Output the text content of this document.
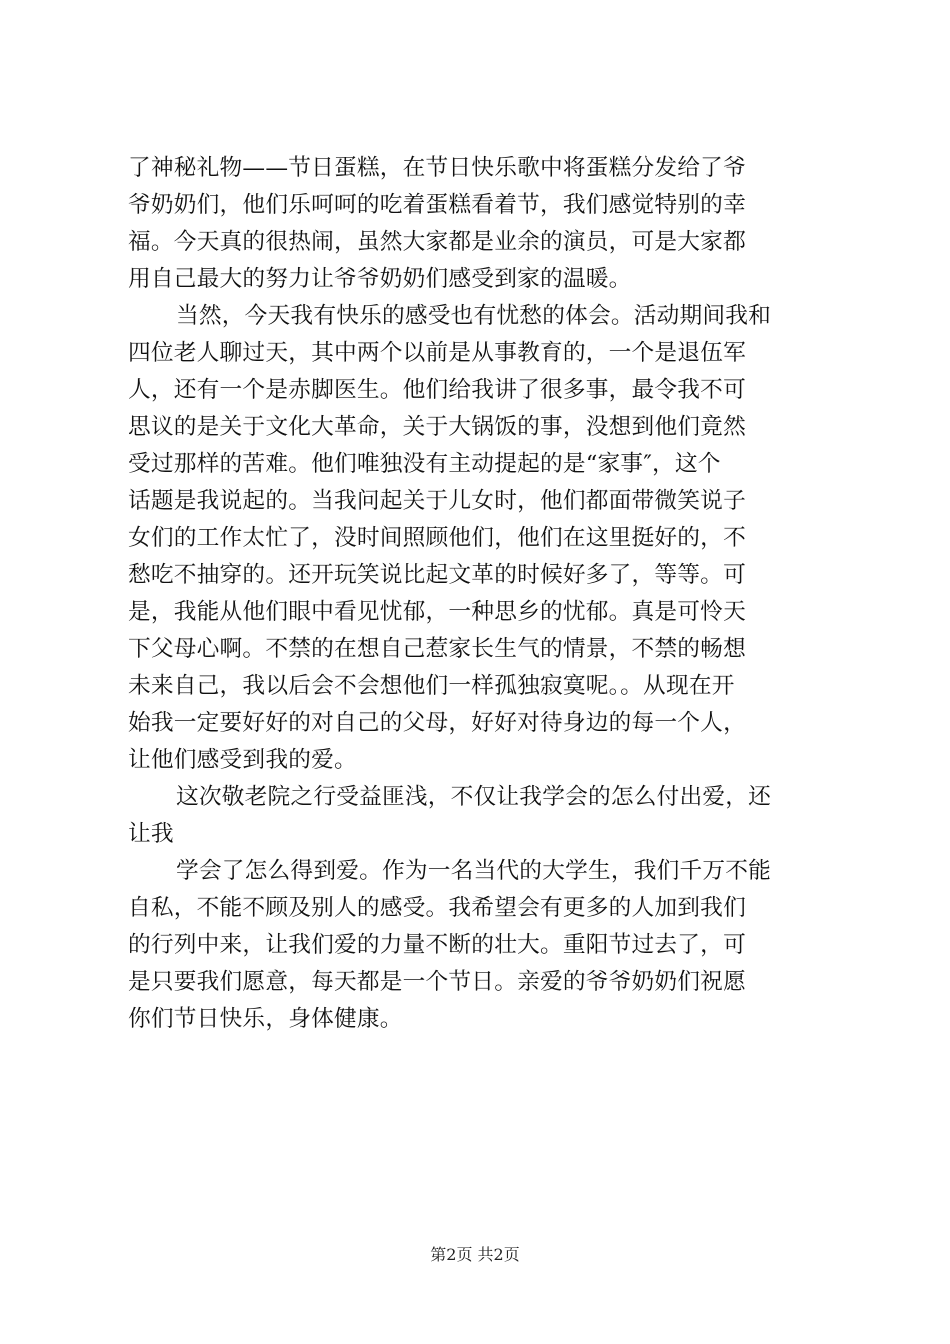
了神秘礼物——节日蛋糕，在节日快乐歌中将蛋糕分发给了爷
爷奶奶们，他们乐呵呵的吃着蛋糕看着节，我们感觉特别的幸
福。今天真的很热闹，虽然大家都是业余的演员，可是大家都
用自己最大的努力让爷爷奶奶们感受到家的温暖。
当然，今天我有快乐的感受也有忧愁的体会。活动期间我和
四位老人聊过天，其中两个以前是从事教育的，一个是退伍军
人，还有一个是赤脚医生。他们给我讲了很多事，最令我不可
思议的是关于文化大革命，关于大锅饭的事，没想到他们竟然
受过那样的苦难。他们唯独没有主动提起的是“家事″，这个
话题是我说起的。当我问起关于儿女时，他们都面带微笑说子
女们的工作太忙了，没时间照顾他们，他们在这里挺好的，不
愁吃不抽穿的。还开玩笑说比起文革的时候好多了，等等。可
是，我能从他们眼中看见忧郁，一种思乡的忧郁。真是可怜天
下父母心啊。不禁的在想自己惹家长生气的情景，不禁的畅想
未来自己，我以后会不会想他们一样孤独寂寞呢。。从现在开
始我一定要好好的对自己的父母，好好对待身边的每一个人，
让他们感受到我的爱。
这次敬老院之行受益匪浅，不仅让我学会的怎么付出爱，还
让我
学会了怎么得到爱。作为一名当代的大学生，我们千万不能
自私，不能不顾及别人的感受。我希望会有更多的人加到我们
的行列中来，让我们爱的力量不断的壮大。重阳节过去了，可
是只要我们愿意，每天都是一个节日。亲爱的爷爷奶奶们祝愿
你们节日快乐，身体健康。
第2页 共2页
